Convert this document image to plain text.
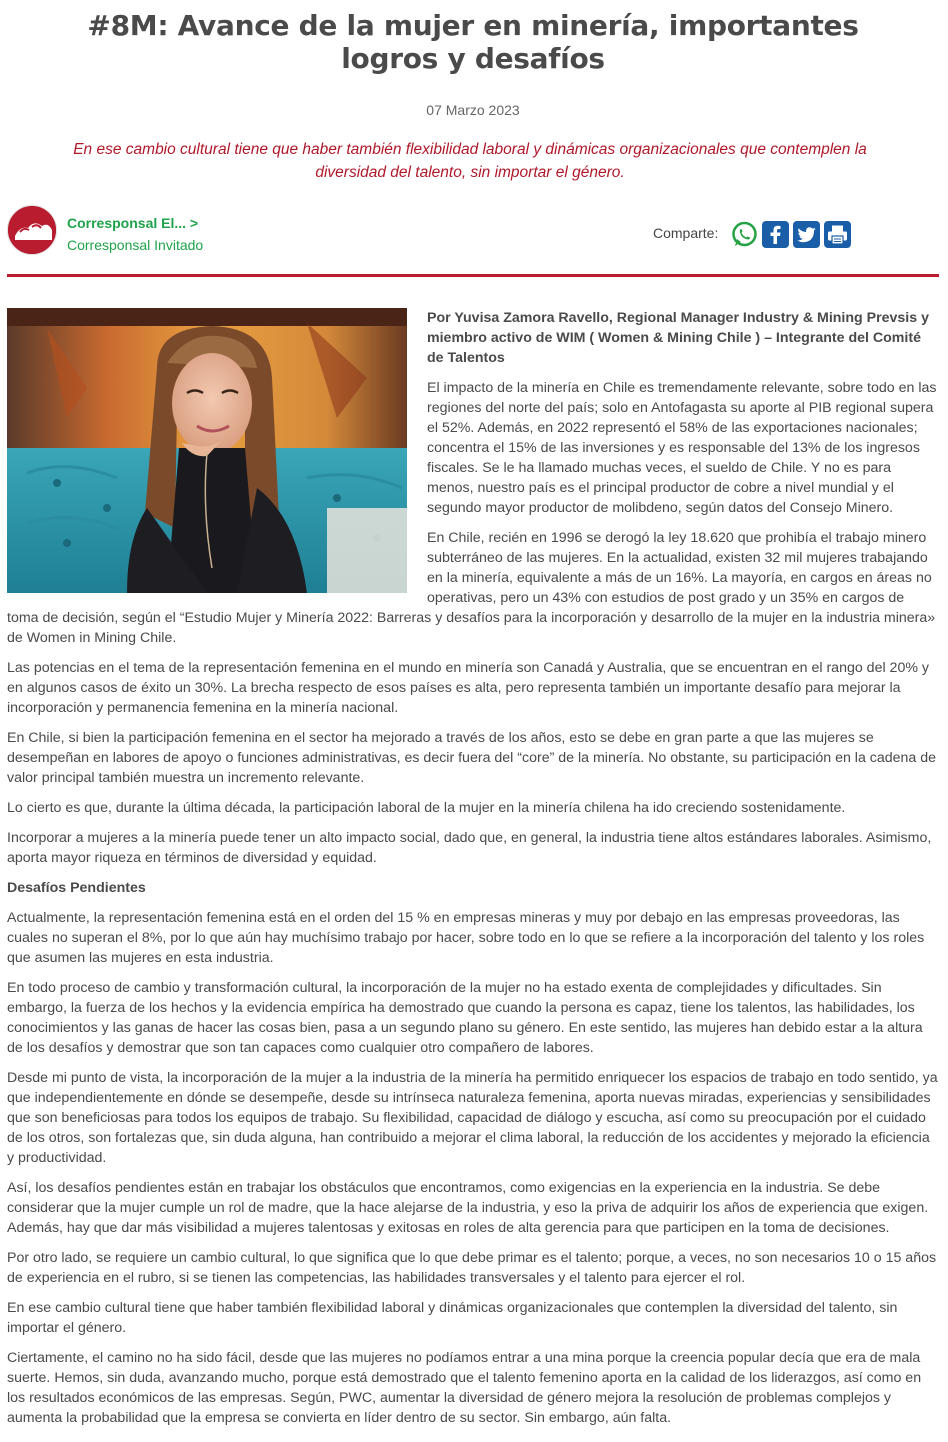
#8M: Avance de la mujer en minería, importantes logros y desafíos
07 Marzo 2023

En ese cambio cultural tiene que haber también flexibilidad laboral y dinámicas organizacionales que contemplen la diversidad del talento, sin importar el género.

Corresponsal El... >
Corresponsal Invitado
Comparte:

Por Yuvisa Zamora Ravello, Regional Manager Industry & Mining Prevsis y miembro activo de WIM ( Women & Mining Chile ) – Integrante del Comité de Talentos

El impacto de la minería en Chile es tremendamente relevante, sobre todo en las regiones del norte del país; solo en Antofagasta su aporte al PIB regional supera el 52%. Además, en 2022 representó el 58% de las exportaciones nacionales; concentra el 15% de las inversiones y es responsable del 13% de los ingresos fiscales. Se le ha llamado muchas veces, el sueldo de Chile. Y no es para menos, nuestro país es el principal productor de cobre a nivel mundial y el segundo mayor productor de molibdeno, según datos del Consejo Minero.

En Chile, recién en 1996 se derogó la ley 18.620 que prohibía el trabajo minero subterráneo de las mujeres. En la actualidad, existen 32 mil mujeres trabajando en la minería, equivalente a más de un 16%. La mayoría, en cargos en áreas no operativas, pero un 43% con estudios de post grado y un 35% en cargos de toma de decisión, según el “Estudio Mujer y Minería 2022: Barreras y desafíos para la incorporación y desarrollo de la mujer en la industria minera» de Women in Mining Chile.

Las potencias en el tema de la representación femenina en el mundo en minería son Canadá y Australia, que se encuentran en el rango del 20% y en algunos casos de éxito un 30%. La brecha respecto de esos países es alta, pero representa también un importante desafío para mejorar la incorporación y permanencia femenina en la minería nacional.

En Chile, si bien la participación femenina en el sector ha mejorado a través de los años, esto se debe en gran parte a que las mujeres se desempeñan en labores de apoyo o funciones administrativas, es decir fuera del “core” de la minería. No obstante, su participación en la cadena de valor principal también muestra un incremento relevante.

Lo cierto es que, durante la última década, la participación laboral de la mujer en la minería chilena ha ido creciendo sostenidamente.

Incorporar a mujeres a la minería puede tener un alto impacto social, dado que, en general, la industria tiene altos estándares laborales. Asimismo, aporta mayor riqueza en términos de diversidad y equidad.

Desafíos Pendientes

Actualmente, la representación femenina está en el orden del 15 % en empresas mineras y muy por debajo en las empresas proveedoras, las cuales no superan el 8%, por lo que aún hay muchísimo trabajo por hacer, sobre todo en lo que se refiere a la incorporación del talento y los roles que asumen las mujeres en esta industria.

En todo proceso de cambio y transformación cultural, la incorporación de la mujer no ha estado exenta de complejidades y dificultades. Sin embargo, la fuerza de los hechos y la evidencia empírica ha demostrado que cuando la persona es capaz, tiene los talentos, las habilidades, los conocimientos y las ganas de hacer las cosas bien, pasa a un segundo plano su género. En este sentido, las mujeres han debido estar a la altura de los desafíos y demostrar que son tan capaces como cualquier otro compañero de labores.

Desde mi punto de vista, la incorporación de la mujer a la industria de la minería ha permitido enriquecer los espacios de trabajo en todo sentido, ya que independientemente en dónde se desempeñe, desde su intrínseca naturaleza femenina, aporta nuevas miradas, experiencias y sensibilidades que son beneficiosas para todos los equipos de trabajo. Su flexibilidad, capacidad de diálogo y escucha, así como su preocupación por el cuidado de los otros, son fortalezas que, sin duda alguna, han contribuido a mejorar el clima laboral, la reducción de los accidentes y mejorado la eficiencia y productividad.

Así, los desafíos pendientes están en trabajar los obstáculos que encontramos, como exigencias en la experiencia en la industria. Se debe considerar que la mujer cumple un rol de madre, que la hace alejarse de la industria, y eso la priva de adquirir los años de experiencia que exigen. Además, hay que dar más visibilidad a mujeres talentosas y exitosas en roles de alta gerencia para que participen en la toma de decisiones.

Por otro lado, se requiere un cambio cultural, lo que significa que lo que debe primar es el talento; porque, a veces, no son necesarios 10 o 15 años de experiencia en el rubro, si se tienen las competencias, las habilidades transversales y el talento para ejercer el rol.

En ese cambio cultural tiene que haber también flexibilidad laboral y dinámicas organizacionales que contemplen la diversidad del talento, sin importar el género.

Ciertamente, el camino no ha sido fácil, desde que las mujeres no podíamos entrar a una mina porque la creencia popular decía que era de mala suerte. Hemos, sin duda, avanzando mucho, porque está demostrado que el talento femenino aporta en la calidad de los liderazgos, así como en los resultados económicos de las empresas. Según, PWC, aumentar la diversidad de género mejora la resolución de problemas complejos y aumenta la probabilidad que la empresa se convierta en líder dentro de su sector. Sin embargo, aún falta.
